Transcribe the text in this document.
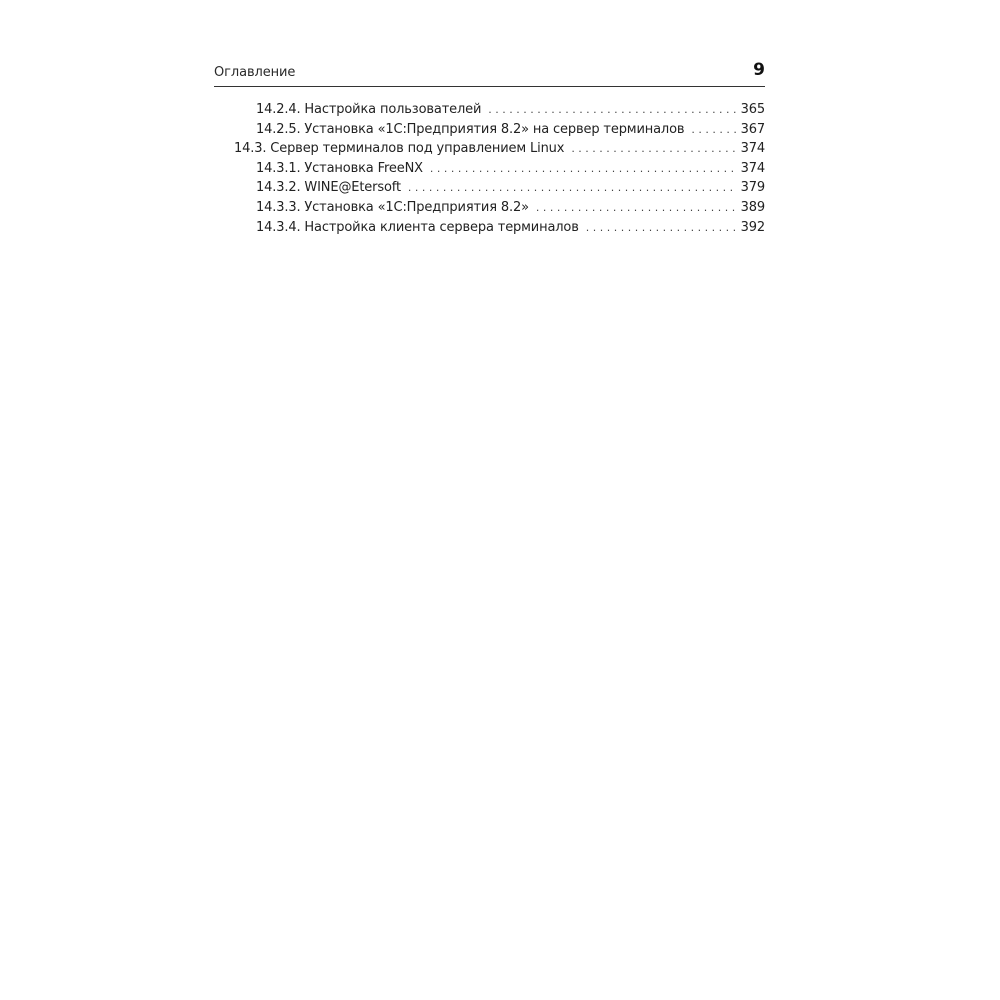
Оглавление	9
14.2.4. Настройка пользователей . . .	365
14.2.5. Установка «1С:Предприятия 8.2» на сервер терминалов . . .	367
14.3. Сервер терминалов под управлением Linux . . .	374
14.3.1. Установка FreeNX . . .	374
14.3.2. WINE@Etersoft . . .	379
14.3.3. Установка «1С:Предприятия 8.2» . . .	389
14.3.4. Настройка клиента сервера терминалов . . .	392
